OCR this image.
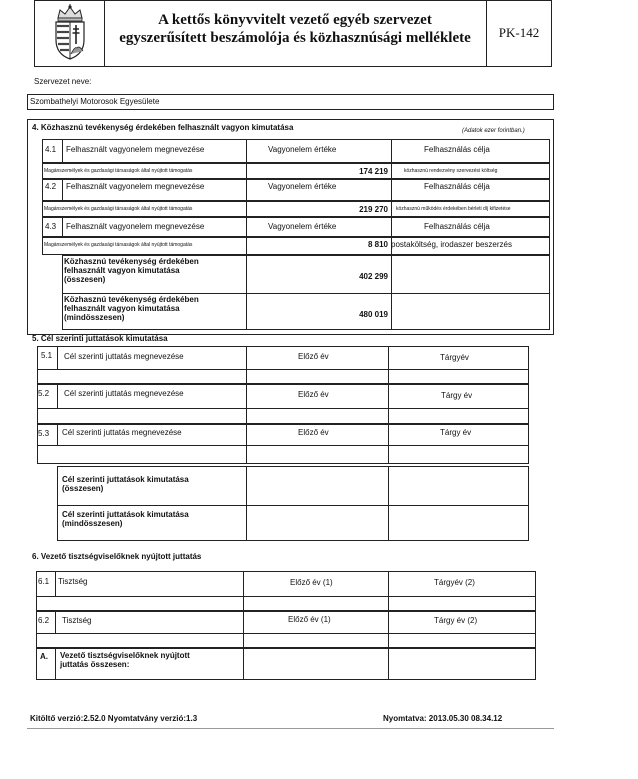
A kettős könyvvitelt vezető egyéb szervezet
egyszerűsített beszámolója és közhasznúsági melléklete	PK-142
Szervezet neve:
Szombathelyi Motorosok Egyesülete
4. Közhasznú tevékenység érdekében felhasznált vagyon kimutatása	(Adatok ezer forintban.)
4.1 Felhasznált vagyonelem megnevezése	Vagyonelem értéke	Felhasználás célja
Magánszemélyek és gazdasági társaságok által nyújtott támogatás	174 219	közhasznú rendezvény szervezési költség
4.2 Felhasznált vagyonelem megnevezése	Vagyonelem értéke	Felhasználás célja
Magánszemélyek és gazdasági társaságok által nyújtott támogatás	219 270 közhasznú működés érdekében bérleti díj kifizetése
4.3 Felhasznált vagyonelem megnevezése	Vagyonelem értéke	Felhasználás célja
Magánszemélyek és gazdasági társaságok által nyújtott támogatás	8 810 postaköltség, irodaszer beszerzés
Közhasznú tevékenység érdekében
felhasznált vagyon kimutatása
(összesen)	402 299
Közhasznú tevékenység érdekében
felhasznált vagyon kimutatása
(mindösszesen)	480 019
5. Cél szerinti juttatások kimutatása
5.1 Cél szerinti juttatás megnevezése	Előző év	Tárgyév
5.2 Cél szerinti juttatás megnevezése	Előző év	Tárgy év
5.3 Cél szerinti juttatás megnevezése	Előző év	Tárgy év
Cél szerinti juttatások kimutatása
(összesen)
Cél szerinti juttatások kimutatása
(mindösszesen)
6. Vezető tisztségviselőknek nyújtott juttatás
6.1 Tisztség	Előző év (1)	Tárgyév (2)
6.2 Tisztség	Előző év (1)	Tárgy év (2)
A. Vezető tisztségviselőknek nyújtott
juttatás összesen:
Kitöltő verzió:2.52.0 Nyomtatvány verzió:1.3	Nyomtatva: 2013.05.30 08.34.12
